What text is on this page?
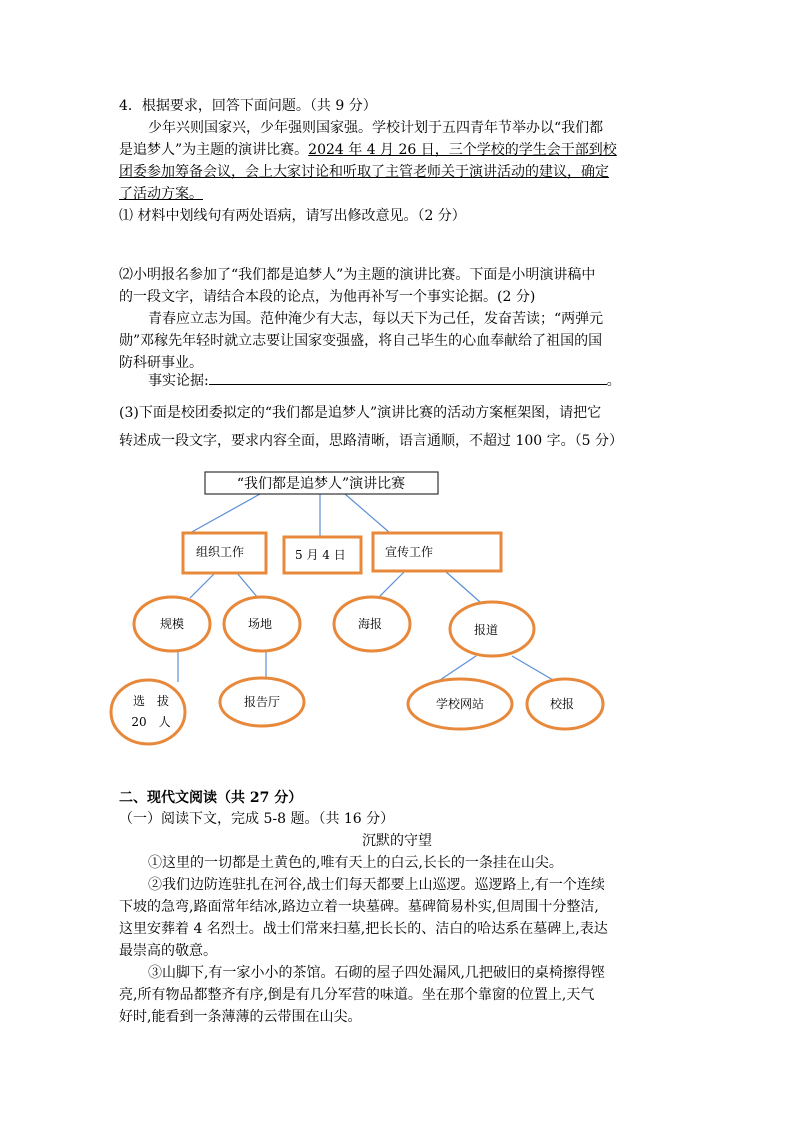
4．根据要求，回答下面问题。（共 9 分）
少年兴则国家兴，少年强则国家强。学校计划于五四青年节举办以“我们都
是追梦人”为主题的演讲比赛。2024 年 4 月 26 日，三个学校的学生会干部到校
团委参加筹备会议，会上大家讨论和听取了主管老师关于演讲活动的建议，确定
了活动方案。
⑴ 材料中划线句有两处语病，请写出修改意见。（2 分）
⑵小明报名参加了“我们都是追梦人”为主题的演讲比赛。下面是小明演讲稿中
的一段文字，请结合本段的论点，为他再补写一个事实论据。(2 分)
青春应立志为国。范仲淹少有大志，每以天下为己任，发奋苦读；“两弹元
勋”邓稼先年轻时就立志要让国家变强盛，将自己毕生的心血奉献给了祖国的国
防科研事业。
事实论据:	。
(3)下面是校团委拟定的“我们都是追梦人”演讲比赛的活动方案框架图，请把它
转述成一段文字，要求内容全面，思路清晰，语言通顺，不超过 100 字。（5 分）
“我们都是追梦人”演讲比赛
组织工作	5 月 4 日	宣传工作
规模	场地	海报	报道
选　拔
20　人
报告厅	学校网站	校报
二、现代文阅读（共 27 分）
（一）阅读下文，完成 5-8 题。（共 16 分）
沉默的守望
①这里的一切都是土黄色的,唯有天上的白云,长长的一条挂在山尖。
②我们边防连驻扎在河谷,战士们每天都要上山巡逻。巡逻路上,有一个连续
下坡的急弯,路面常年结冰,路边立着一块墓碑。墓碑简易朴实,但周围十分整洁,
这里安葬着 4 名烈士。战士们常来扫墓,把长长的、洁白的哈达系在墓碑上,表达
最崇高的敬意。
③山脚下,有一家小小的茶馆。石砌的屋子四处漏风,几把破旧的桌椅擦得铿
亮,所有物品都整齐有序,倒是有几分军营的味道。坐在那个靠窗的位置上,天气
好时,能看到一条薄薄的云带围在山尖。
